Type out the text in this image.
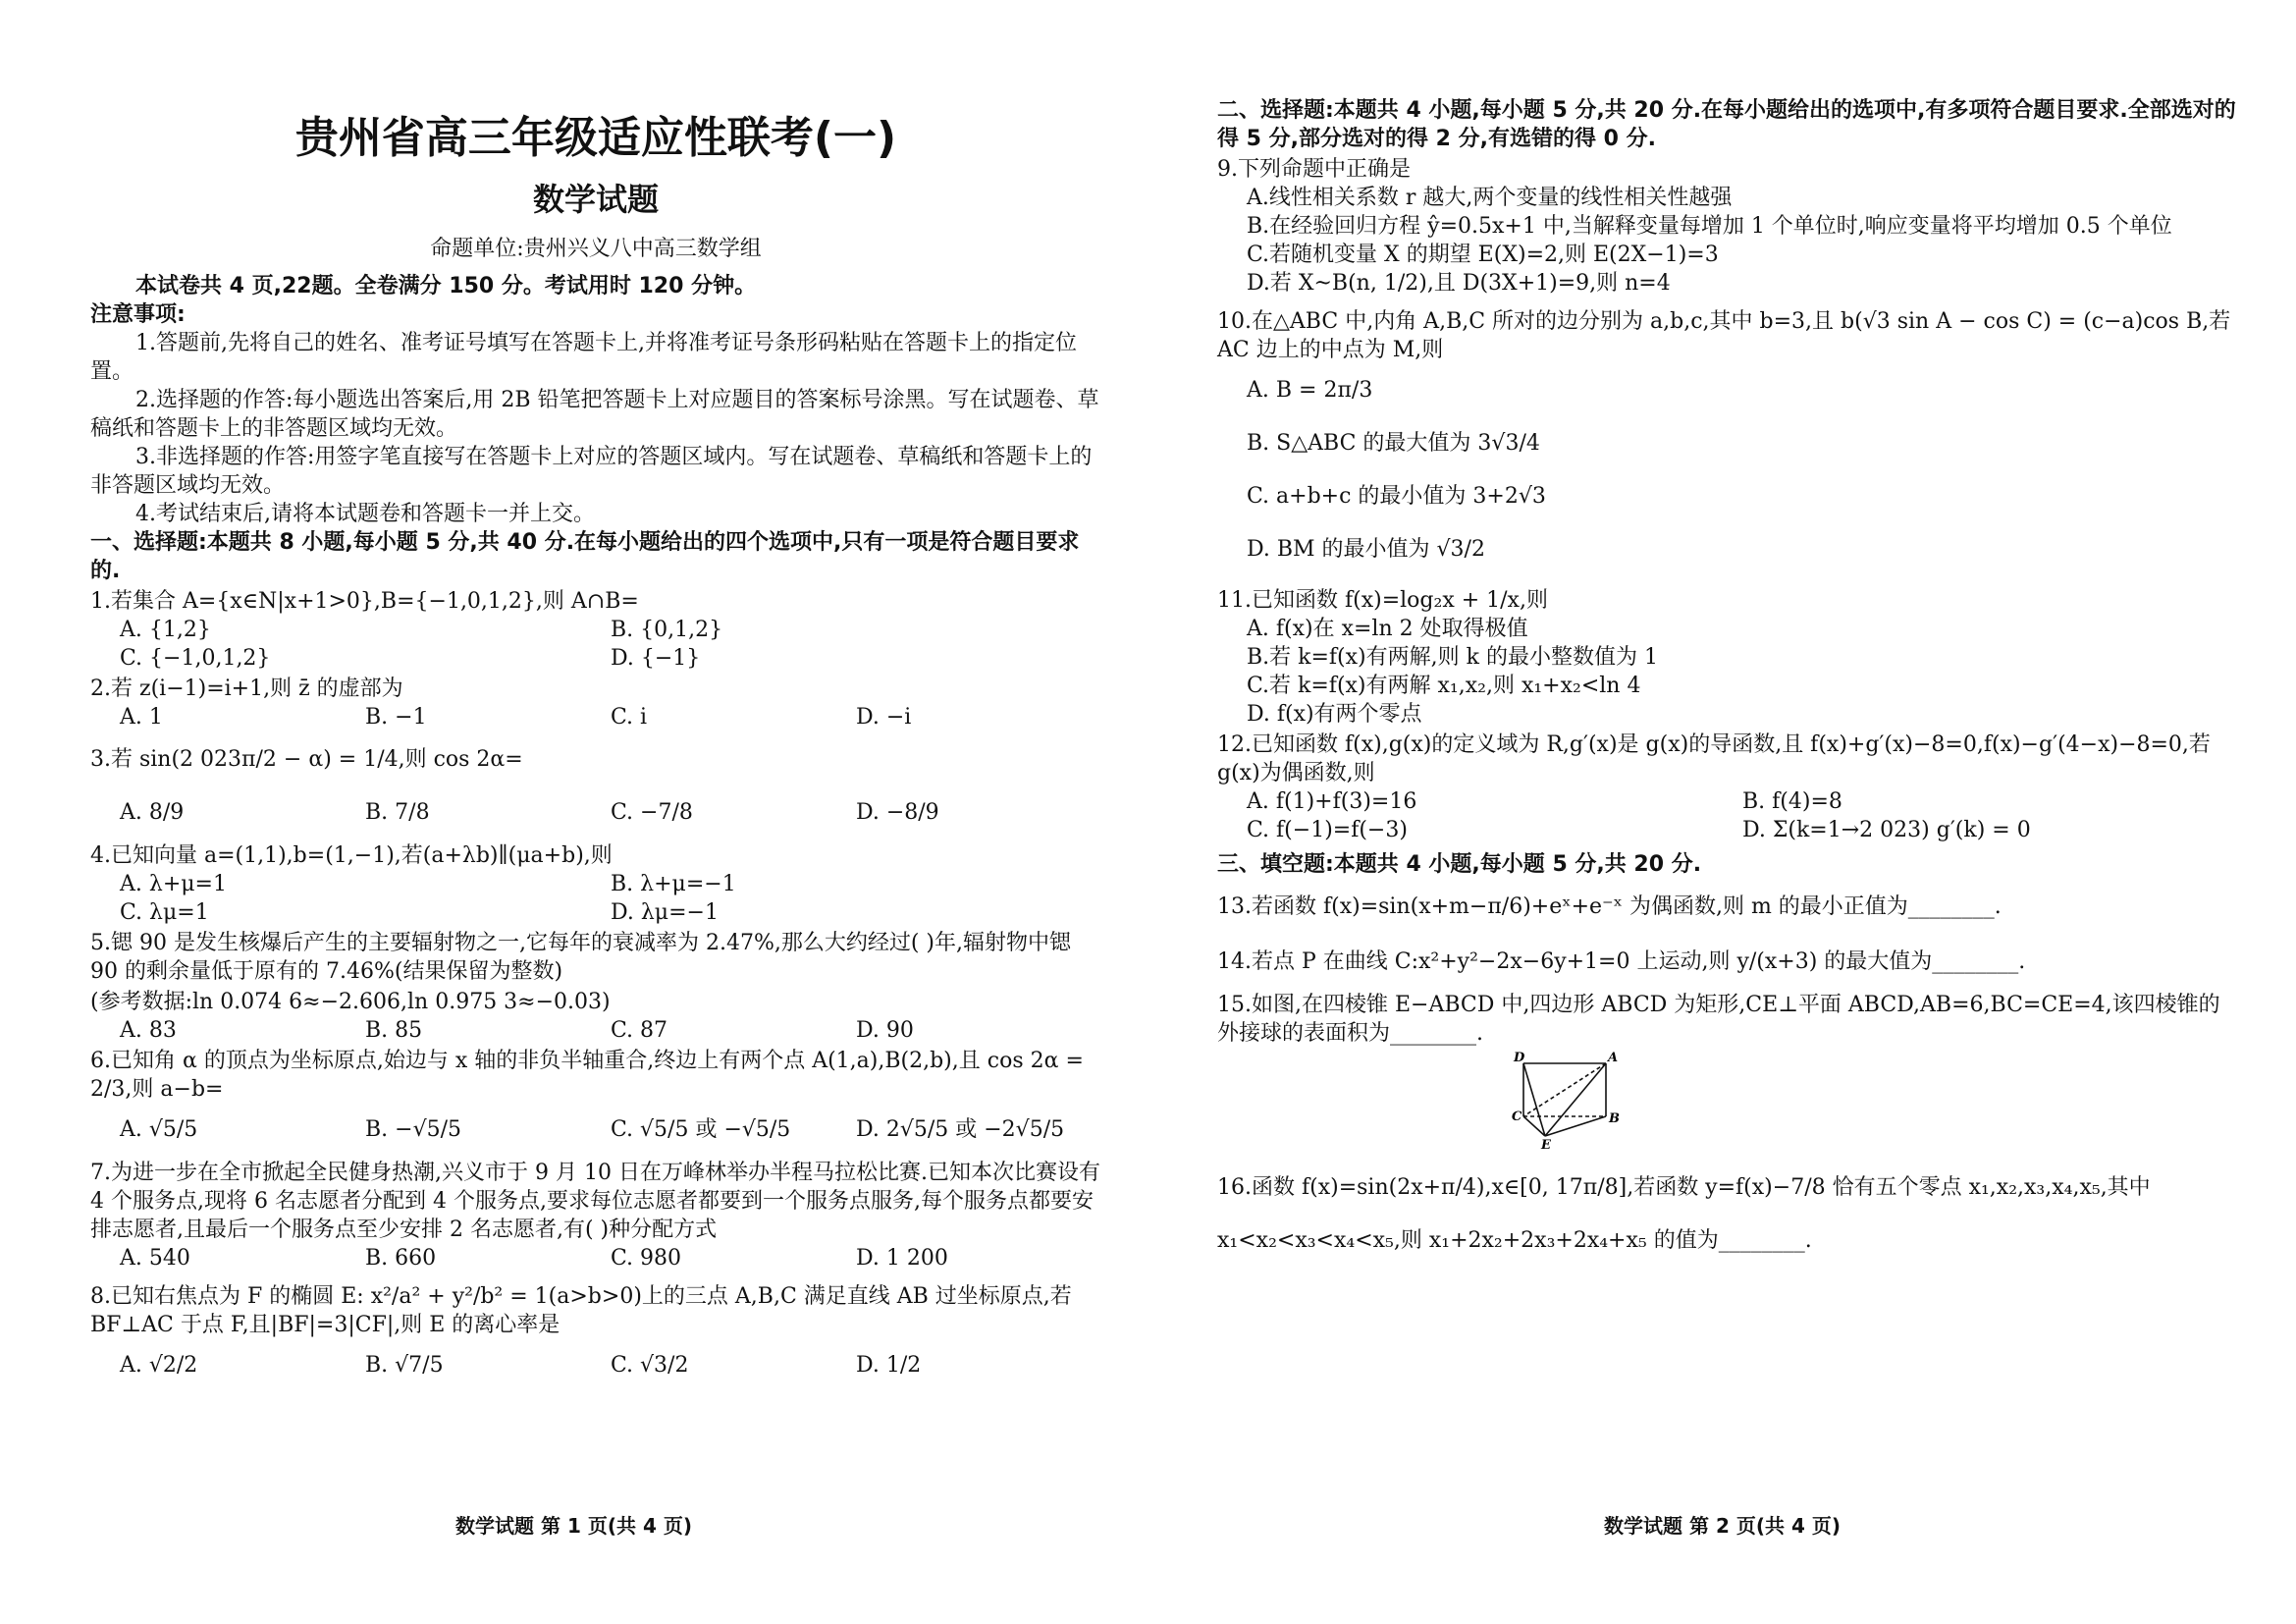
贵州省高三年级适应性联考(一)
数学试题
命题单位:贵州兴义八中高三数学组
本试卷共 4 页,22题。全卷满分 150 分。考试用时 120 分钟。
注意事项:
1.答题前,先将自己的姓名、准考证号填写在答题卡上,并将准考证号条形码粘贴在答题卡上的指定位置。
2.选择题的作答:每小题选出答案后,用 2B 铅笔把答题卡上对应题目的答案标号涂黑。写在试题卷、草稿纸和答题卡上的非答题区域均无效。
3.非选择题的作答:用签字笔直接写在答题卡上对应的答题区域内。写在试题卷、草稿纸和答题卡上的非答题区域均无效。
4.考试结束后,请将本试题卷和答题卡一并上交。
一、选择题:本题共 8 小题,每小题 5 分,共 40 分.在每小题给出的四个选项中,只有一项是符合题目要求的.
1.若集合 A={x∈N|x+1>0},B={−1,0,1,2},则 A∩B=
A. {1,2}	B. {0,1,2}
C. {−1,0,1,2}	D. {−1}
2.若 z(i−1)=i+1,则 z̄ 的虚部为
A. 1	B. −1	C. i	D. −i
3.若 sin(2 023π/2 − α) = 1/4,则 cos 2α=
A. 8/9	B. 7/8	C. −7/8	D. −8/9
4.已知向量 a=(1,1),b=(1,−1),若(a+λb)∥(μa+b),则
A. λ+μ=1	B. λ+μ=−1
C. λμ=1	D. λμ=−1
5.锶 90 是发生核爆后产生的主要辐射物之一,它每年的衰减率为 2.47%,那么大约经过( )年,辐射物中锶 90 的剩余量低于原有的 7.46%(结果保留为整数)
(参考数据:ln 0.074 6≈−2.606,ln 0.975 3≈−0.03)
A. 83	B. 85	C. 87	D. 90
6.已知角 α 的顶点为坐标原点,始边与 x 轴的非负半轴重合,终边上有两个点 A(1,a),B(2,b),且 cos 2α = 2/3,则 a−b=
A. √5/5	B. −√5/5	C. √5/5 或 −√5/5	D. 2√5/5 或 −2√5/5
7.为进一步在全市掀起全民健身热潮,兴义市于 9 月 10 日在万峰林举办半程马拉松比赛.已知本次比赛设有 4 个服务点,现将 6 名志愿者分配到 4 个服务点,要求每位志愿者都要到一个服务点服务,每个服务点都要安排志愿者,且最后一个服务点至少安排 2 名志愿者,有( )种分配方式
A. 540	B. 660	C. 980	D. 1 200
8.已知右焦点为 F 的椭圆 E: x²/a² + y²/b² = 1(a>b>0)上的三点 A,B,C 满足直线 AB 过坐标原点,若 BF⊥AC 于点 F,且|BF|=3|CF|,则 E 的离心率是
A. √2/2	B. √7/5	C. √3/2	D. 1/2
数学试题 第 1 页(共 4 页)
二、选择题:本题共 4 小题,每小题 5 分,共 20 分.在每小题给出的选项中,有多项符合题目要求.全部选对的得 5 分,部分选对的得 2 分,有选错的得 0 分.
9.下列命题中正确是
A.线性相关系数 r 越大,两个变量的线性相关性越强
B.在经验回归方程 ŷ=0.5x+1 中,当解释变量每增加 1 个单位时,响应变量将平均增加 0.5 个单位
C.若随机变量 X 的期望 E(X)=2,则 E(2X−1)=3
D.若 X~B(n, 1/2),且 D(3X+1)=9,则 n=4
10.在△ABC 中,内角 A,B,C 所对的边分别为 a,b,c,其中 b=3,且 b(√3 sin A − cos C) = (c−a)cos B,若 AC 边上的中点为 M,则
A. B = 2π/3
B. S△ABC 的最大值为 3√3/4
C. a+b+c 的最小值为 3+2√3
D. BM 的最小值为 √3/2
11.已知函数 f(x)=log₂x + 1/x,则
A. f(x)在 x=ln 2 处取得极值
B.若 k=f(x)有两解,则 k 的最小整数值为 1
C.若 k=f(x)有两解 x₁,x₂,则 x₁+x₂<ln 4
D. f(x)有两个零点
12.已知函数 f(x),g(x)的定义域为 R,g′(x)是 g(x)的导函数,且 f(x)+g′(x)−8=0,f(x)−g′(4−x)−8=0,若 g(x)为偶函数,则
A. f(1)+f(3)=16	B. f(4)=8
C. f(−1)=f(−3)	D. Σ(k=1→2 023) g′(k) = 0
三、填空题:本题共 4 小题,每小题 5 分,共 20 分.
13.若函数 f(x)=sin(x+m−π/6)+eˣ+e⁻ˣ 为偶函数,则 m 的最小正值为________.
14.若点 P 在曲线 C:x²+y²−2x−6y+1=0 上运动,则 y/(x+3) 的最大值为________.
15.如图,在四棱锥 E−ABCD 中,四边形 ABCD 为矩形,CE⊥平面 ABCD,AB=6,BC=CE=4,该四棱锥的外接球的表面积为________.
D	A
C	B
E
16.函数 f(x)=sin(2x+π/4),x∈[0, 17π/8],若函数 y=f(x)−7/8 恰有五个零点 x₁,x₂,x₃,x₄,x₅,其中 x₁<x₂<x₃<x₄<x₅,则 x₁+2x₂+2x₃+2x₄+x₅ 的值为________.
数学试题 第 2 页(共 4 页)
